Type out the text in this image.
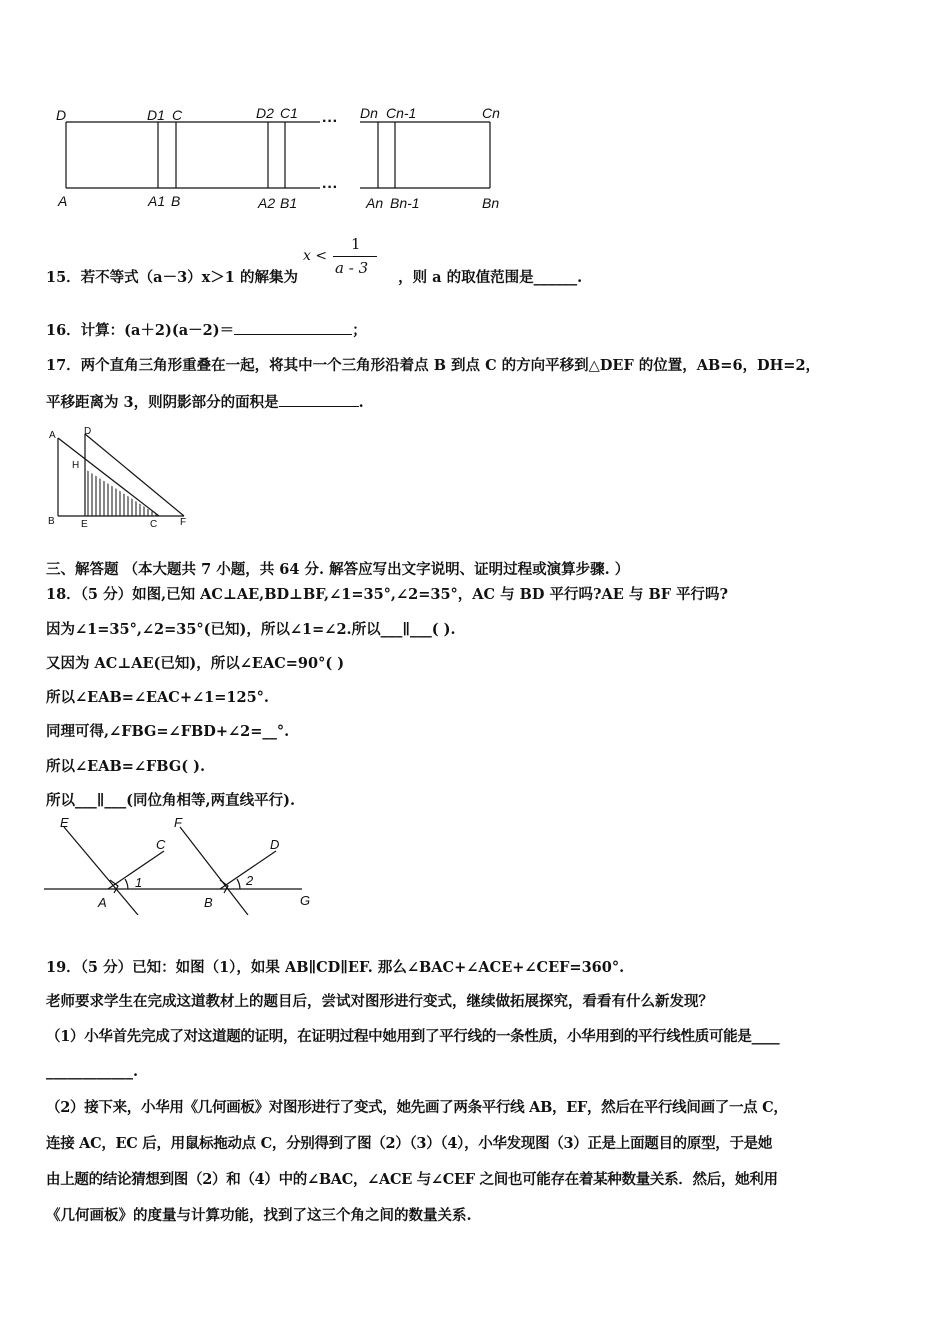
D	D1 C	D2 C1	Dn Cn-1	Cn
A	A1 B	A2 B1	An Bn-1	Bn
···
···
15．若不等式（a－3）x＞1 的解集为
x <
1
a - 3
，则 a 的取值范围是______.
16．计算：(a＋2)(a－2)＝	；
17．两个直角三角形重叠在一起，将其中一个三角形沿着点 B 到点 C 的方向平移到△DEF 的位置，AB=6，DH=2，
平移距离为 3，则阴影部分的面积是	.
A	D
H
B	E	C F
三、解答题 （本大题共 7 小题，共 64 分. 解答应写出文字说明、证明过程或演算步骤. ）
18．（5 分）如图,已知 AC⊥AE,BD⊥BF,∠1=35°,∠2=35°，AC 与 BD 平行吗?AE 与 BF 平行吗?
因为∠1=35°,∠2=35°(已知)，所以∠1=∠2.所以___∥___( ).
又因为 AC⊥AE(已知)，所以∠EAC=90°( )
所以∠EAB=∠EAC+∠1=125°.
同理可得,∠FBG=∠FBD+∠2=__°.
所以∠EAB=∠FBG( ).
所以___∥___(同位角相等,两直线平行).
E
C
1
A
F
D
2
B	G
19．（5 分）已知：如图（1），如果 AB∥CD∥EF. 那么∠BAC+∠ACE+∠CEF=360°.
老师要求学生在完成这道教材上的题目后，尝试对图形进行变式，继续做拓展探究，看看有什么新发现？
（1）小华首先完成了对这道题的证明，在证明过程中她用到了平行线的一条性质，小华用到的平行线性质可能是____
____________.
（2）接下来，小华用《几何画板》对图形进行了变式，她先画了两条平行线 AB，EF，然后在平行线间画了一点 C，
连接 AC，EC 后，用鼠标拖动点 C，分别得到了图（2）（3）（4），小华发现图（3）正是上面题目的原型，于是她
由上题的结论猜想到图（2）和（4）中的∠BAC，∠ACE 与∠CEF 之间也可能存在着某种数量关系．然后，她利用
《几何画板》的度量与计算功能，找到了这三个角之间的数量关系.
